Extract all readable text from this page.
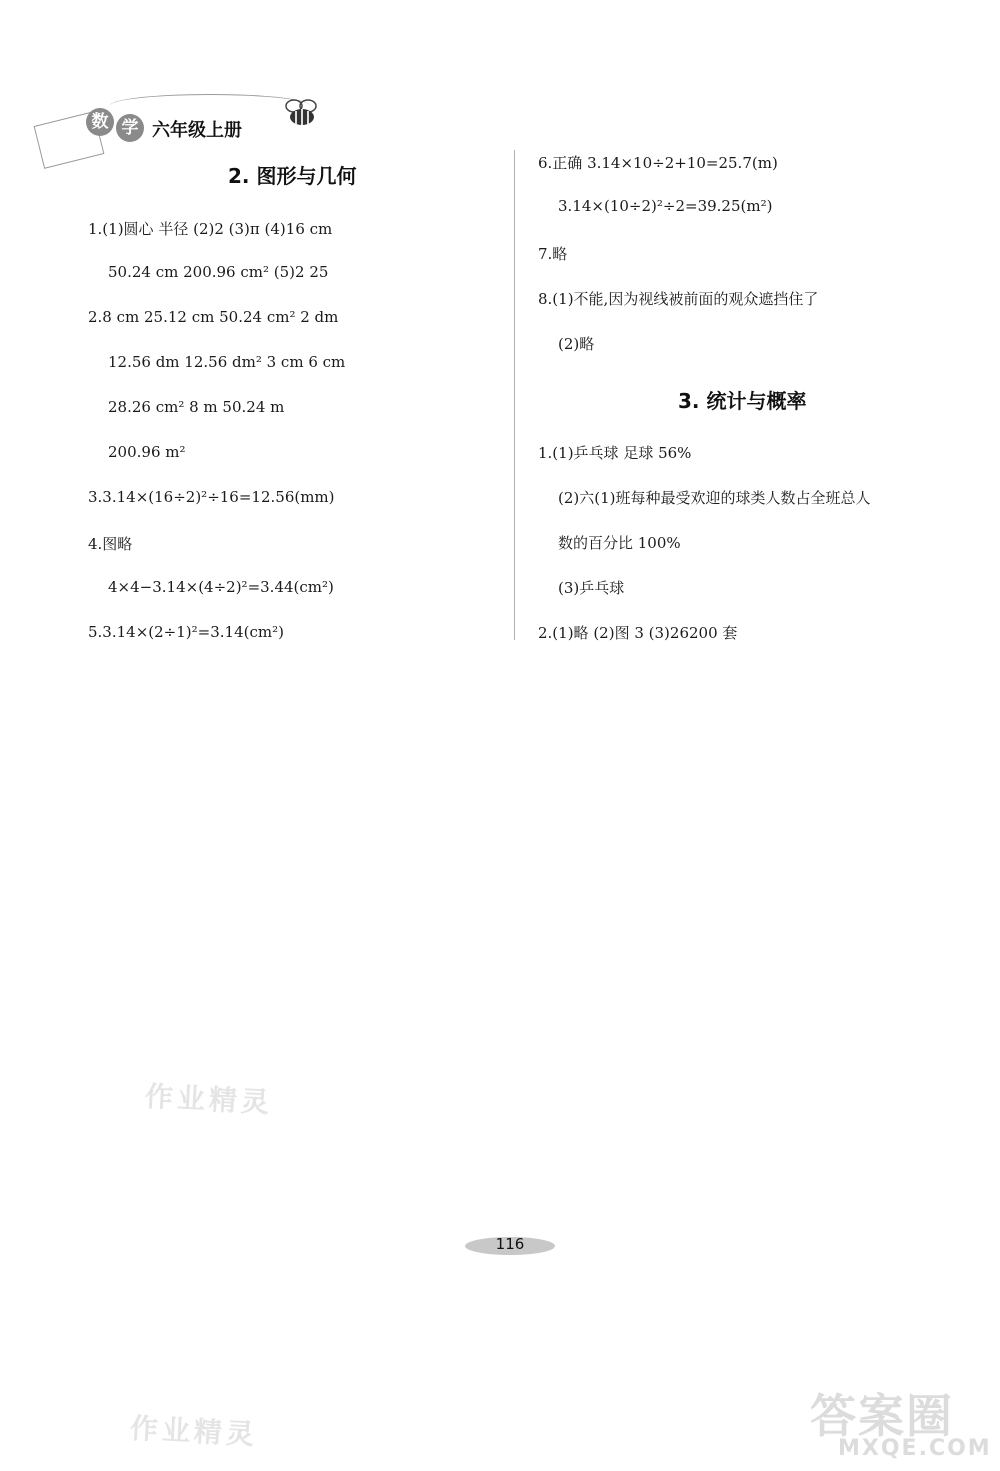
数 学 六年级上册
2. 图形与几何
1.(1)圆心 半径 (2)2 (3)π (4)16 cm
50.24 cm 200.96 cm² (5)2 25
2.8 cm 25.12 cm 50.24 cm² 2 dm
12.56 dm 12.56 dm² 3 cm 6 cm
28.26 cm² 8 m 50.24 m
200.96 m²
3.3.14×(16÷2)²÷16=12.56(mm)
4.图略
4×4−3.14×(4÷2)²=3.44(cm²)
5.3.14×(2÷1)²=3.14(cm²)
6.正确 3.14×10÷2+10=25.7(m)
3.14×(10÷2)²÷2=39.25(m²)
7.略
8.(1)不能,因为视线被前面的观众遮挡住了
(2)略
3. 统计与概率
1.(1)乒乓球 足球 56%
(2)六(1)班每种最受欢迎的球类人数占全班总人
数的百分比 100%
(3)乒乓球
2.(1)略 (2)图 3 (3)26200 套
作业精灵
作业精灵
116
答案圈
MXQE.COM
